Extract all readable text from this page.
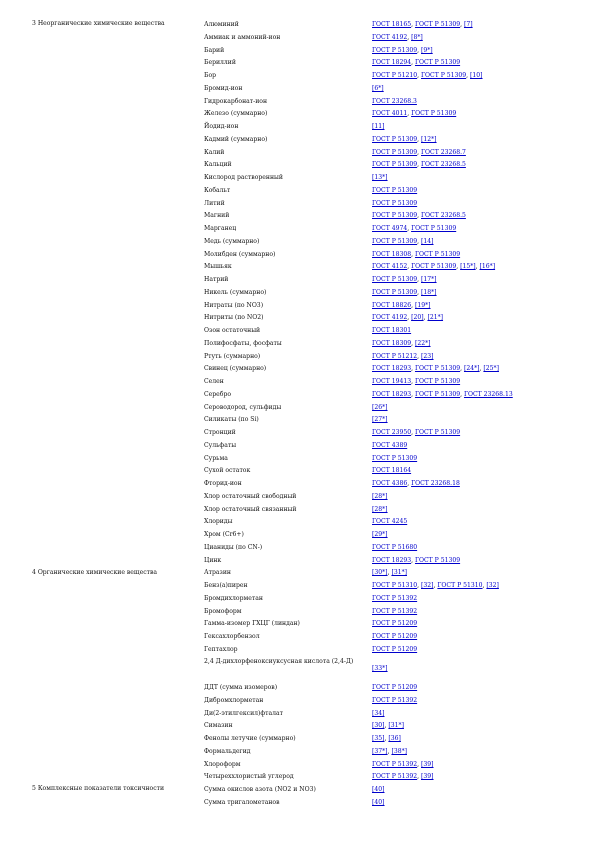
3 Неорганические химические вещества	Алюминий	ГОСТ 18165, ГОСТ Р 51309, [7]
Аммиак и аммоний-ион	ГОСТ 4192, [8*]
Барий	ГОСТ Р 51309, [9*]
Бериллий	ГОСТ 18294, ГОСТ Р 51309
Бор	ГОСТ Р 51210, ГОСТ Р 51309, [10]
Бромид-ион	[6*]
Гидрокарбонат-ион	ГОСТ 23268.3
Железо (суммарно)	ГОСТ 4011, ГОСТ Р 51309
Йодид-ион	[11]
Кадмий (суммарно)	ГОСТ Р 51309, [12*]
Калий	ГОСТ Р 51309, ГОСТ 23268.7
Кальций	ГОСТ Р 51309, ГОСТ 23268.5
Кислород растворенный	[13*]
Кобальт	ГОСТ Р 51309
Литий	ГОСТ Р 51309
Магний	ГОСТ Р 51309, ГОСТ 23268.5
Марганец	ГОСТ 4974, ГОСТ Р 51309
Медь (суммарно)	ГОСТ Р 51309, [14]
Молибден (суммарно)	ГОСТ 18308, ГОСТ Р 51309
Мышьяк	ГОСТ 4152, ГОСТ Р 51309, [15*], [16*]
Натрий	ГОСТ Р 51309, [17*]
Никель (суммарно)	ГОСТ Р 51309, [18*]
Нитраты (по NO3)	ГОСТ 18826, [19*]
Нитриты (по NO2)	ГОСТ 4192, [20], [21*]
Озон остаточный	ГОСТ 18301
Полифосфаты, фосфаты	ГОСТ 18309, [22*]
Ртуть (суммарно)	ГОСТ Р 51212, [23]
Свинец (суммарно)	ГОСТ 18293, ГОСТ Р 51309, [24*], [25*]
Селен	ГОСТ 19413, ГОСТ Р 51309
Серебро	ГОСТ 18293, ГОСТ Р 51309, ГОСТ 23268.13
Сероводород, сульфиды	[26*]
Силикаты (по Si)	[27*]
Стронций	ГОСТ 23950, ГОСТ Р 51309
Сульфаты	ГОСТ 4389
Сурьма	ГОСТ Р 51309
Сухой остаток	ГОСТ 18164
Фторид-ион	ГОСТ 4386, ГОСТ 23268.18
Хлор остаточный свободный	[28*]
Хлор остаточный связанный	[28*]
Хлориды	ГОСТ 4245
Хром (Cr6+)	[29*]
Цианиды (по CN-)	ГОСТ Р 51680
Цинк	ГОСТ 18293, ГОСТ Р 51309
4 Органические химические вещества	Атразин	[30*], [31*]
Бенз(а)пирен	ГОСТ Р 51310, [32], ГОСТ Р 51310, [32]
Бромдихлорметан	ГОСТ Р 51392
Бромоформ	ГОСТ Р 51392
Гамма-изомер ГХЦГ (линдан)	ГОСТ Р 51209
Гексахлорбензол	ГОСТ Р 51209
Гептахлор	ГОСТ Р 51209
2,4 Д-дихлорфеноксиуксусная кислота (2,4-Д)
[33*]
ДДТ (сумма изомеров)	ГОСТ Р 51209
Дибромхлорметан	ГОСТ Р 51392
Ди(2-этилгексил)фталат	[34]
Симазин	[30], [31*]
Фенолы летучие (суммарно)	[35], [36]
Формальдегид	[37*], [38*]
Хлороформ	ГОСТ Р 51392, [39]
Четыреххлористый углерод	ГОСТ Р 51392, [39]
5 Комплексные показатели токсичности	Сумма окислов азота (NO2 и NO3)	[40]
Сумма тригалометанов	[40]
